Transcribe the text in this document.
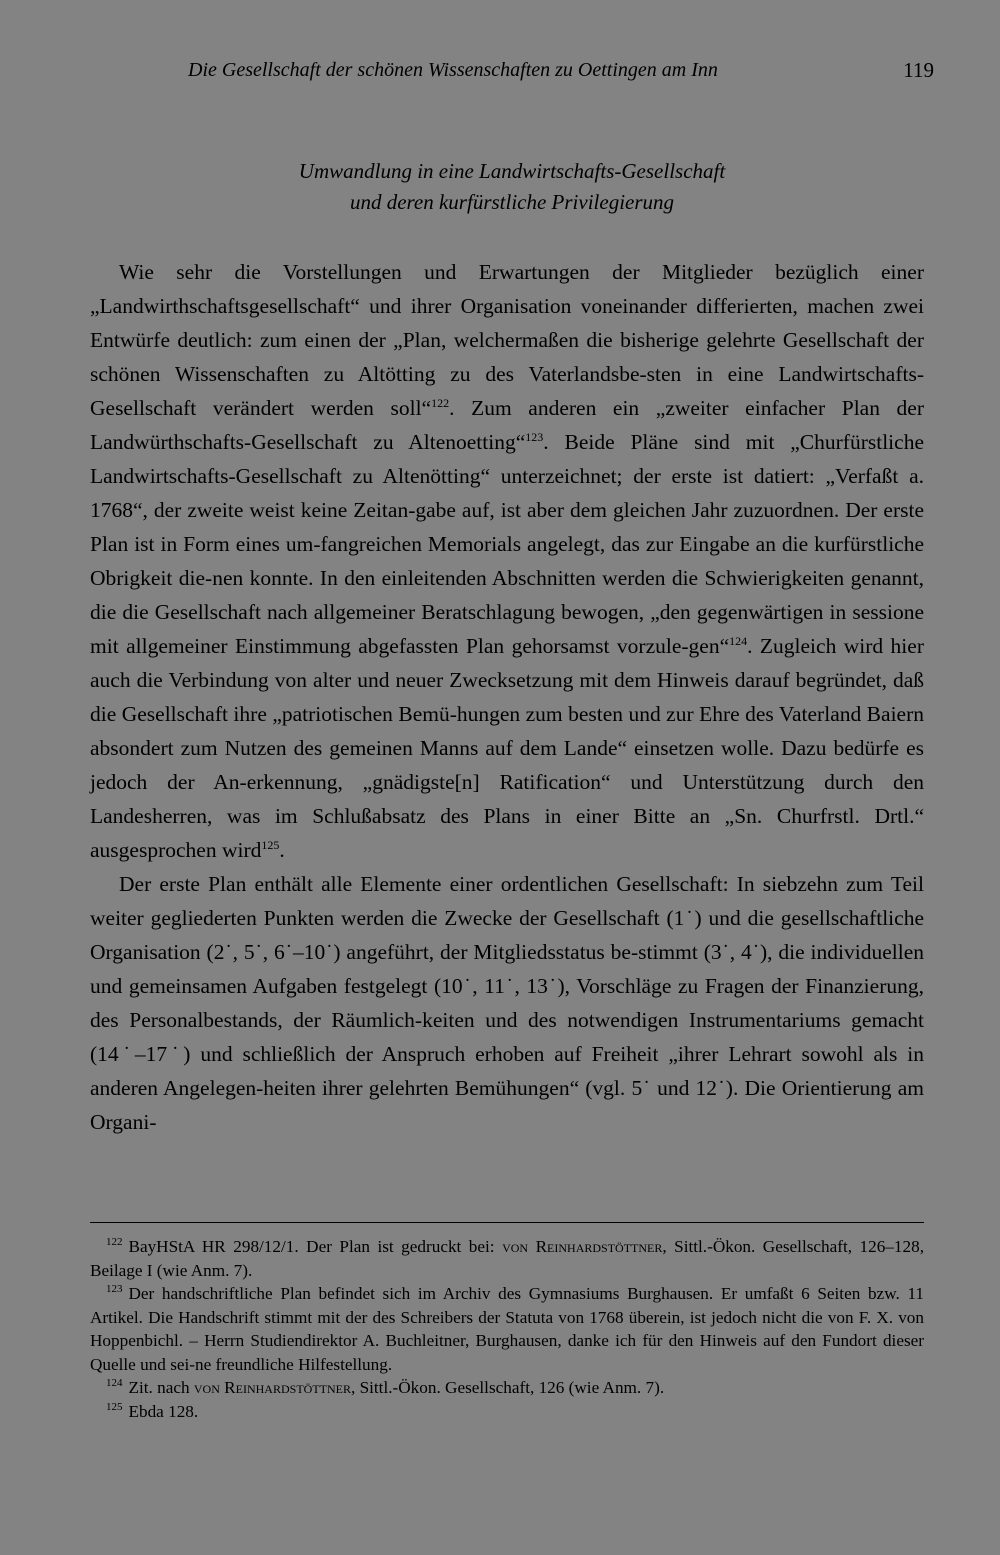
Die Gesellschaft der schönen Wissenschaften zu Oettingen am Inn	119
Umwandlung in eine Landwirtschafts-Gesellschaft
und deren kurfürstliche Privilegierung

Wie sehr die Vorstellungen und Erwartungen der Mitglieder bezüglich einer „Landwirthschaftsgesellschaft“ und ihrer Organisation voneinander differierten, machen zwei Entwürfe deutlich: zum einen der „Plan, welchermaßen die bisherige gelehrte Gesellschaft der schönen Wissenschaften zu Altötting zu des Vaterlandsbe-sten in eine Landwirtschafts-Gesellschaft verändert werden soll“$^{122}$. Zum anderen ein „zweiter einfacher Plan der Landwürthschafts-Gesellschaft zu Altenoetting“$^{123}$. Beide Pläne sind mit „Churfürstliche Landwirtschafts-Gesellschaft zu Altenötting“ unterzeichnet; der erste ist datiert: „Verfaßt a. 1768“, der zweite weist keine Zeitan-gabe auf, ist aber dem gleichen Jahr zuzuordnen. Der erste Plan ist in Form eines um-fangreichen Memorials angelegt, das zur Eingabe an die kurfürstliche Obrigkeit die-nen konnte. In den einleitenden Abschnitten werden die Schwierigkeiten genannt, die die Gesellschaft nach allgemeiner Beratschlagung bewogen, „den gegenwärtigen in sessione mit allgemeiner Einstimmung abgefassten Plan gehorsamst vorzule-gen“$^{124}$. Zugleich wird hier auch die Verbindung von alter und neuer Zwecksetzung mit dem Hinweis darauf begründet, daß die Gesellschaft ihre „patriotischen Bemü-hungen zum besten und zur Ehre des Vaterland Baiern absondert zum Nutzen des gemeinen Manns auf dem Lande“ einsetzen wolle. Dazu bedürfe es jedoch der An-erkennung, „gnädigste[n] Ratification“ und Unterstützung durch den Landesherren, was im Schlußabsatz des Plans in einer Bitte an „Sn. Churfrstl. Drtl.“ ausgesprochen wird$^{125}$.

Der erste Plan enthält alle Elemente einer ordentlichen Gesellschaft: In siebzehn zum Teil weiter gegliederten Punkten werden die Zwecke der Gesellschaft (1˙) und die gesellschaftliche Organisation (2˙, 5˙, 6˙–10˙) angeführt, der Mitgliedsstatus be-stimmt (3˙, 4˙), die individuellen und gemeinsamen Aufgaben festgelegt (10˙, 11˙, 13˙), Vorschläge zu Fragen der Finanzierung, des Personalbestands, der Räumlich-keiten und des notwendigen Instrumentariums gemacht (14˙–17˙) und schließlich der Anspruch erhoben auf Freiheit „ihrer Lehrart sowohl als in anderen Angelegen-heiten ihrer gelehrten Bemühungen“ (vgl. 5˙ und 12˙). Die Orientierung am Organi-

$^{122}$ BayHStA HR 298/12/1. Der Plan ist gedruckt bei: von Reinhardstöttner, Sittl.-Ökon. Gesellschaft, 126–128, Beilage I (wie Anm. 7).

$^{123}$ Der handschriftliche Plan befindet sich im Archiv des Gymnasiums Burghausen. Er umfaßt 6 Seiten bzw. 11 Artikel. Die Handschrift stimmt mit der des Schreibers der Statuta von 1768 überein, ist jedoch nicht die von F. X. von Hoppenbichl. – Herrn Studiendirektor A. Buchleitner, Burghausen, danke ich für den Hinweis auf den Fundort dieser Quelle und sei-ne freundliche Hilfestellung.

$^{124}$ Zit. nach von Reinhardstöttner, Sittl.-Ökon. Gesellschaft, 126 (wie Anm. 7).

$^{125}$ Ebda 128.
